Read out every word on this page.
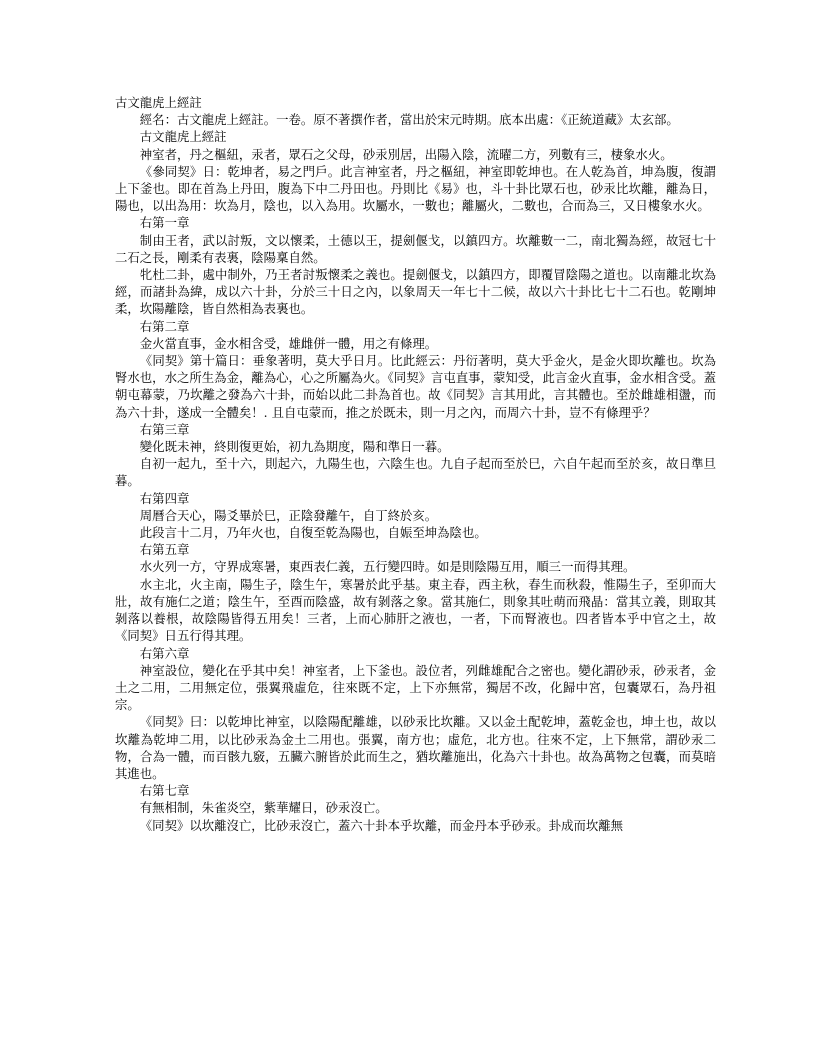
古文龍虎上經註

經名：古文龍虎上經註。一卷。原不著撰作者，當出於宋元時期。底本出處：《正統道藏》太玄部。

古文龍虎上經註

神室者，丹之樞紐，汞者，眾石之父母，砂汞別居，出陽入陰，流曜二方，列數有三，棲象水火。

《參同契》日：乾坤者，易之門戶。此言神室者，丹之樞紐，神室即乾坤也。在人乾為首，坤為腹，復謂上下釜也。即在首為上丹田，腹為下中二丹田也。丹則比《易》也，斗十卦比眾石也，砂汞比坎離，離為日，陽也，以出為用：坎為月，陰也，以入為用。坎屬水，一數也；離屬火，二數也，合而為三，又日樓象水火。

右第一章

制由王者，武以討叛，文以懷柔，土德以王，提劍偃戈，以鎮四方。坎離數一二，南北獨為經，故冠七十二石之長，剛柔有表裏，陰陽稟自然。

牝杜二卦，處中制外，乃王者討叛懷柔之義也。提劍偃戈，以鎮四方，即覆冒陰陽之道也。以南離北坎為經，而諸卦為緯，成以六十卦，分於三十日之內，以象周天一年七十二候，故以六十卦比七十二石也。乾剛坤柔，坎陽離陰，皆自然相為表裏也。

右第二章

金火當直事，金水相含受，雄雌併一體，用之有條理。

《同契》第十篇日：垂象著明，莫大乎日月。比此經云：丹衍著明，莫大乎金火，是金火即坎離也。坎為腎水也，水之所生為金，離為心，心之所屬為火。《同契》言屯直事，蒙知受，此言金火直事，金水相含受。蓋朝屯幕蒙，乃坎離之發為六十卦，而始以此二卦為首也。故《同契》言其用此，言其體也。至於雌雄相盪，而為六十卦，遂成一全體矣！. 且自屯蒙而，推之於既未，則一月之內，而周六十卦，豈不有條理乎？

右第三章

變化既未神，終則復更始，初九為期度，陽和準日一暮。

自初一起九，至十六，則起六，九陽生也，六陰生也。九自子起而至於巳，六自午起而至於亥，故日準旦暮。

右第四章

周曆合天心，陽爻畢於巳，正陰發離午，自丁終於亥。

此段言十二月，乃年火也，自復至乾為陽也，自娠至坤為陰也。

右第五章

水火列一方，守界成寒暑，東西表仁義，五行變四時。如是則陰陽互用，順三一而得其理。

水主北，火主南，陽生子，陰生午，寒暑於此乎基。東主春，西主秋，春生而秋殺，惟陽生子，至卯而大壯，故有施仁之道；陰生午，至酉而陰盛，故有剝落之象。當其施仁，則象其吐萌而飛晶：當其立義，則取其剝落以養根，故陰陽皆得五用矣！三者，上而心肺肝之液也，一者，下而腎液也。四者皆本乎中官之土，故《同契》日五行得其理。

右第六章

神室設位，變化在乎其中矣！神室者，上下釜也。設位者，列雌雄配合之密也。變化謂砂汞，砂汞者，金土之二用，二用無定位，張翼飛虛危，往來既不定，上下亦無常，獨居不改，化歸中宮，包囊眾石，為丹祖宗。

《同契》曰：以乾坤比神室，以陰陽配離雄，以砂汞比坎離。又以金土配乾坤，蓋乾金也，坤土也，故以坎離為乾坤二用，以比砂汞為金土二用也。張翼，南方也；虛危，北方也。往來不定，上下無常，謂砂汞二物，合為一體，而百骸九竅，五臟六腑皆於此而生之，猶坎離施出，化為六十卦也。故為萬物之包囊，而莫暗其進也。

右第七章

有無相制，朱雀炎空，紫華耀日，砂汞沒亡。

《同契》以坎離沒亡，比砂汞沒亡，蓋六十卦本乎坎離，而金丹本乎砂汞。卦成而坎離無
